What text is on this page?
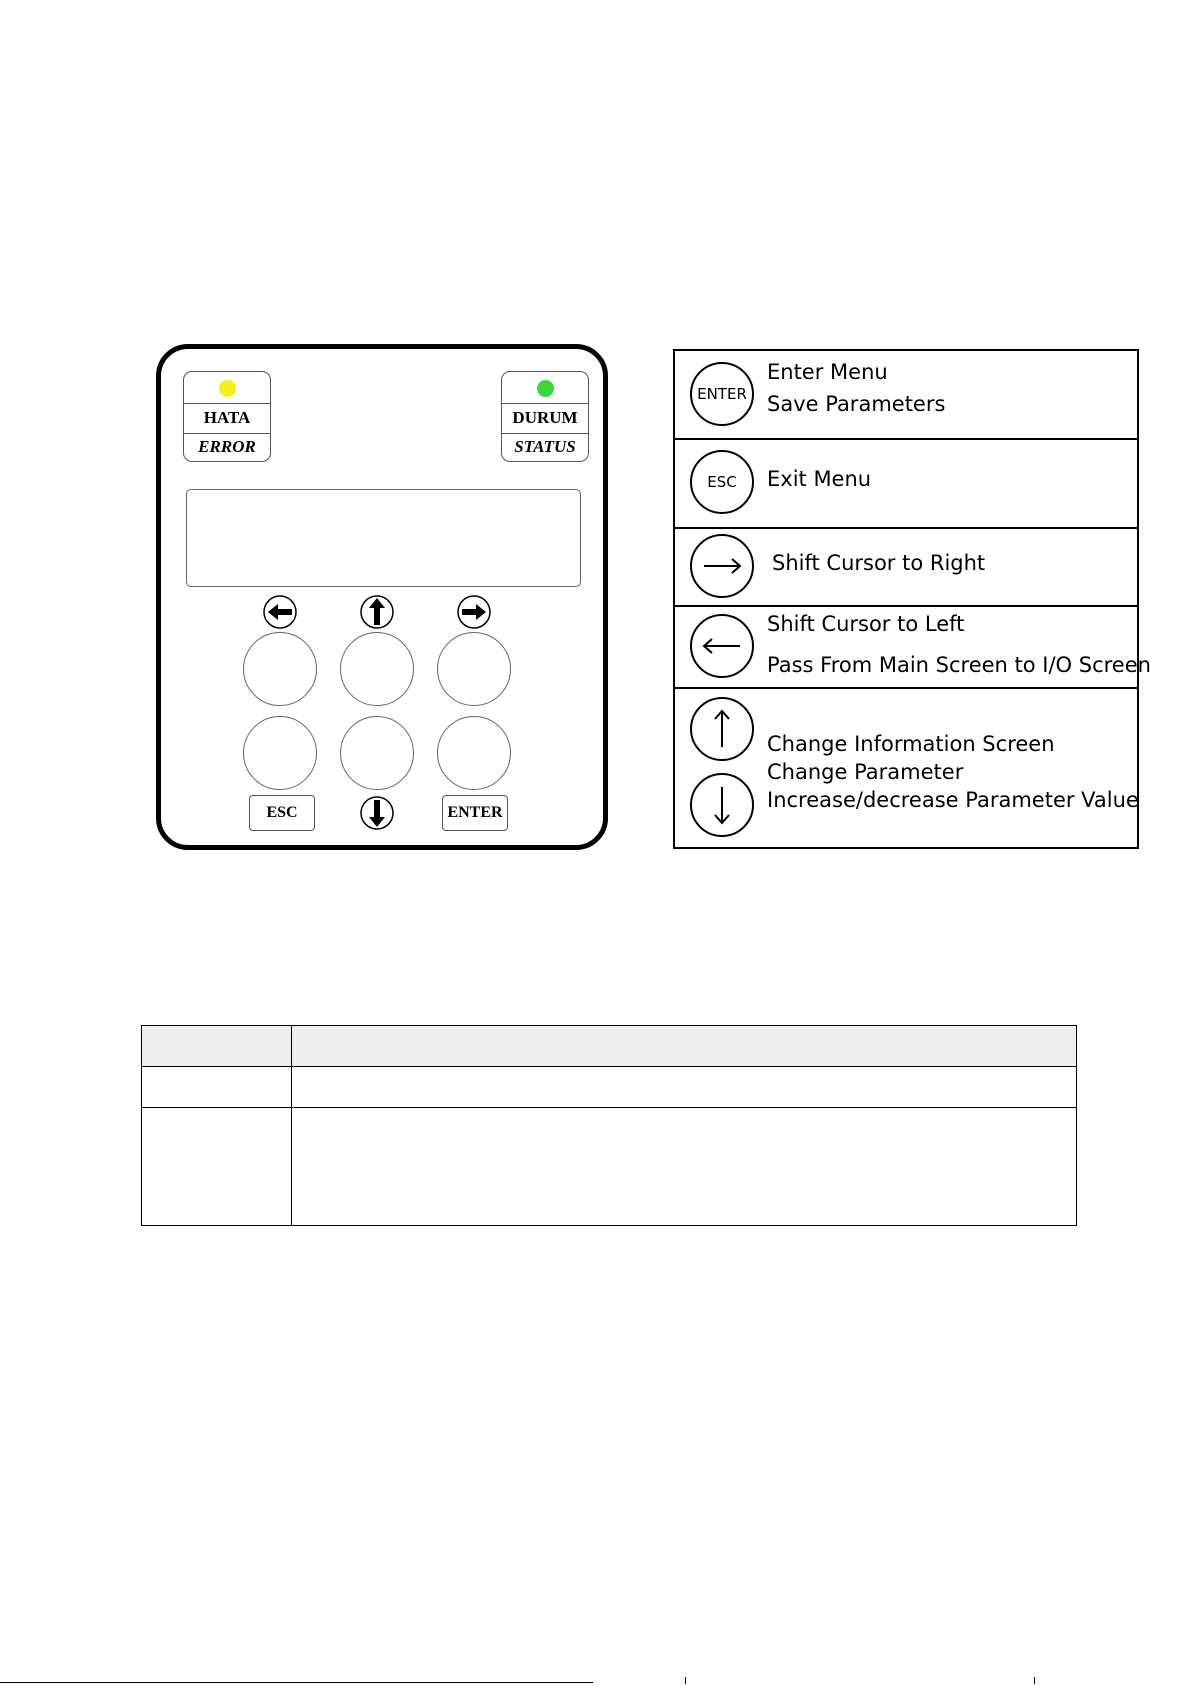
HATA
ERROR
DURUM
STATUS
ESC	ENTER
ENTER
Enter Menu
Save Parameters
ESC	Exit Menu
Shift Cursor to Right
Shift Cursor to Left
Pass From Main Screen to I/O Screen
Change Information Screen
Change Parameter
Increase/decrease Parameter Value
